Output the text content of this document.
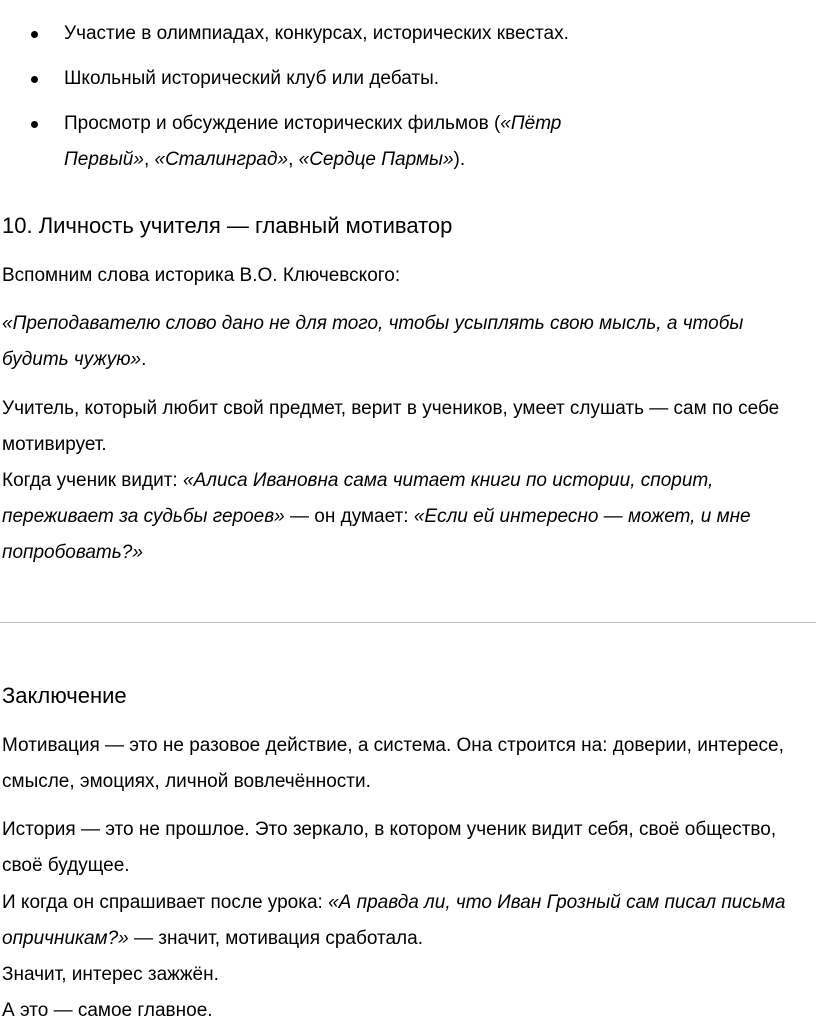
Участие в олимпиадах, конкурсах, исторических квестах.
Школьный исторический клуб или дебаты.
Просмотр и обсуждение исторических фильмов («Пётр Первый», «Сталинград», «Сердце Пармы»).
10. Личность учителя — главный мотиватор

Вспомним слова историка В.О. Ключевского:

«Преподавателю слово дано не для того, чтобы усыплять свою мысль, а чтобы будить чужую».

Учитель, который любит свой предмет, верит в учеников, умеет слушать — сам по себе мотивирует.

Когда ученик видит: «Алиса Ивановна сама читает книги по истории, спорит, переживает за судьбы героев» — он думает: «Если ей интересно — может, и мне попробовать?»

Заключение

Мотивация — это не разовое действие, а система. Она строится на: доверии, интересе, смысле, эмоциях, личной вовлечённости.

История — это не прошлое. Это зеркало, в котором ученик видит себя, своё общество, своё будущее.

И когда он спрашивает после урока: «А правда ли, что Иван Грозный сам писал письма опричникам?» — значит, мотивация сработала.

Значит, интерес зажжён.

А это — самое главное.
